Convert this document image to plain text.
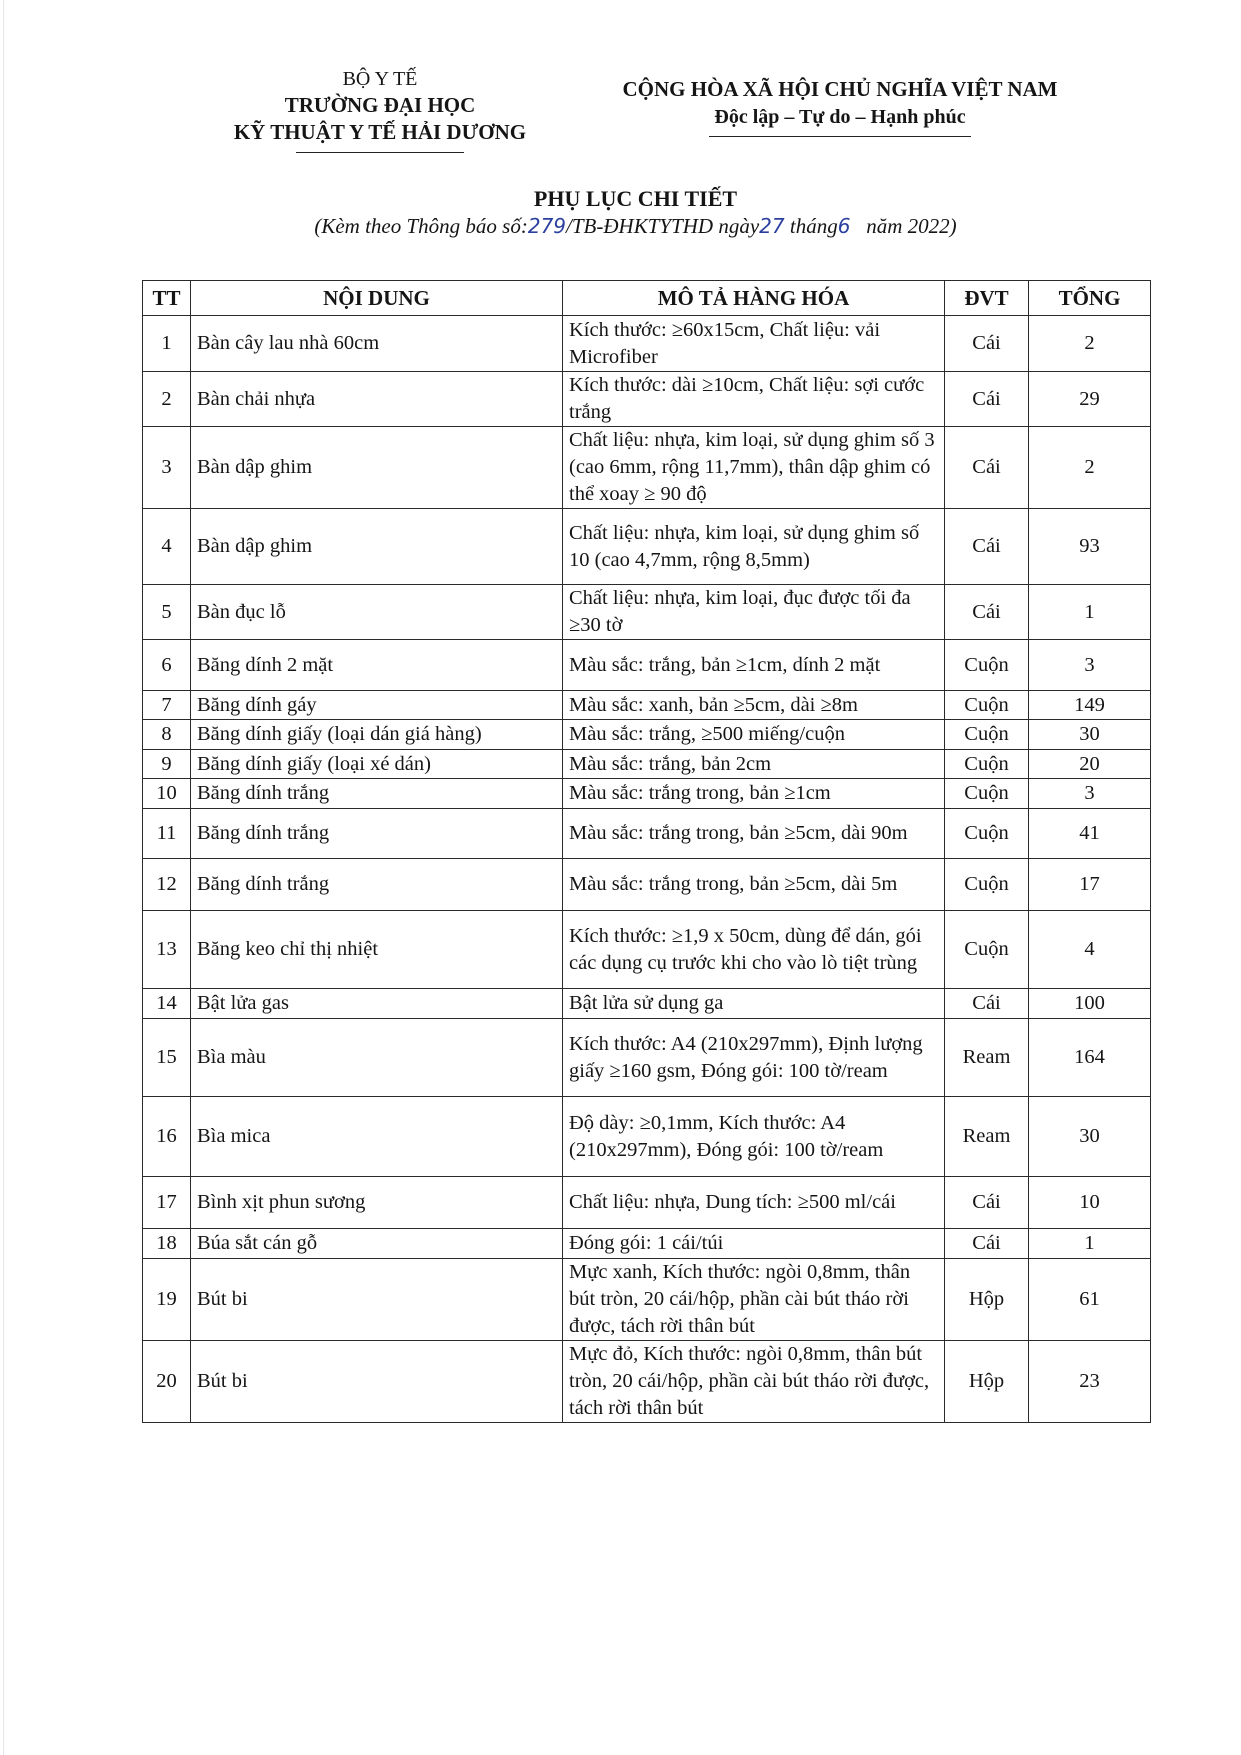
BỘ Y TẾ
TRƯỜNG ĐẠI HỌC
KỸ THUẬT Y TẾ HẢI DƯƠNG
CỘNG HÒA XÃ HỘI CHỦ NGHĨA VIỆT NAM
Độc lập – Tự do – Hạnh phúc
PHỤ LỤC CHI TIẾT
(Kèm theo Thông báo số:279/TB-ĐHKTYTHD ngày27 tháng6 năm 2022)
TT	NỘI DUNG	MÔ TẢ HÀNG HÓA	ĐVT	TỔNG
1	Bàn cây lau nhà 60cm	Kích thước: ≥60x15cm, Chất liệu: vải Microfiber	Cái	2
2	Bàn chải nhựa	Kích thước: dài ≥10cm, Chất liệu: sợi cước trắng	Cái	29
3	Bàn dập ghim	Chất liệu: nhựa, kim loại, sử dụng ghim số 3 (cao 6mm, rộng 11,7mm), thân dập ghim có thể xoay ≥ 90 độ	Cái	2
4	Bàn dập ghim	Chất liệu: nhựa, kim loại, sử dụng ghim số 10 (cao 4,7mm, rộng 8,5mm)	Cái	93
5	Bàn đục lỗ	Chất liệu: nhựa, kim loại, đục được tối đa ≥30 tờ	Cái	1
6	Băng dính 2 mặt	Màu sắc: trắng, bản ≥1cm, dính 2 mặt	Cuộn	3
7	Băng dính gáy	Màu sắc: xanh, bản ≥5cm, dài ≥8m	Cuộn	149
8	Băng dính giấy (loại dán giá hàng)	Màu sắc: trắng, ≥500 miếng/cuộn	Cuộn	30
9	Băng dính giấy (loại xé dán)	Màu sắc: trắng, bản 2cm	Cuộn	20
10	Băng dính trắng	Màu sắc: trắng trong, bản ≥1cm	Cuộn	3
11	Băng dính trắng	Màu sắc: trắng trong, bản ≥5cm, dài 90m	Cuộn	41
12	Băng dính trắng	Màu sắc: trắng trong, bản ≥5cm, dài 5m	Cuộn	17
13	Băng keo chỉ thị nhiệt	Kích thước: ≥1,9 x 50cm, dùng để dán, gói các dụng cụ trước khi cho vào lò tiệt trùng	Cuộn	4
14	Bật lửa gas	Bật lửa sử dụng ga	Cái	100
15	Bìa màu	Kích thước: A4 (210x297mm), Định lượng giấy ≥160 gsm, Đóng gói: 100 tờ/ream	Ream	164
16	Bìa mica	Độ dày: ≥0,1mm, Kích thước: A4 (210x297mm), Đóng gói: 100 tờ/ream	Ream	30
17	Bình xịt phun sương	Chất liệu: nhựa, Dung tích: ≥500 ml/cái	Cái	10
18	Búa sắt cán gỗ	Đóng gói: 1 cái/túi	Cái	1
19	Bút bi	Mực xanh, Kích thước: ngòi 0,8mm, thân bút tròn, 20 cái/hộp, phần cài bút tháo rời được, tách rời thân bút	Hộp	61
20	Bút bi	Mực đỏ, Kích thước: ngòi 0,8mm, thân bút tròn, 20 cái/hộp, phần cài bút tháo rời được, tách rời thân bút	Hộp	23
